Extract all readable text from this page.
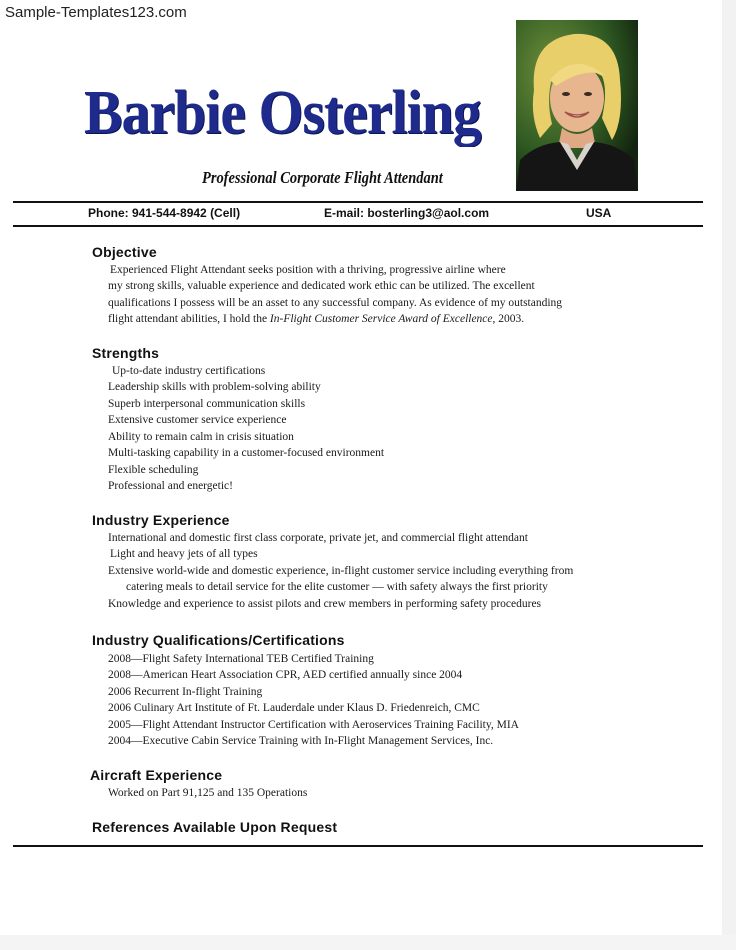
Sample-Templates123.com
Barbie Osterling
Professional Corporate Flight Attendant
Phone: 941-544-8942 (Cell)	E-mail: bosterling3@aol.com	USA
Objective
Experienced Flight Attendant seeks position with a thriving, progressive airline where
my strong skills, valuable experience and dedicated work ethic can be utilized. The excellent
qualifications I possess will be an asset to any successful company. As evidence of my outstanding
flight attendant abilities, I hold the In-Flight Customer Service Award of Excellence, 2003.
Strengths
Up-to-date industry certifications
Leadership skills with problem-solving ability
Superb interpersonal communication skills
Extensive customer service experience
Ability to remain calm in crisis situation
Multi-tasking capability in a customer-focused environment
Flexible scheduling
Professional and energetic!
Industry Experience
International and domestic first class corporate, private jet, and commercial flight attendant
Light and heavy jets of all types
Extensive world-wide and domestic experience, in-flight customer service including everything from
catering meals to detail service for the elite customer — with safety always the first priority
Knowledge and experience to assist pilots and crew members in performing safety procedures
Industry Qualifications/Certifications
2008—Flight Safety International TEB Certified Training
2008—American Heart Association CPR, AED certified annually since 2004
2006 Recurrent In-flight Training
2006 Culinary Art Institute of Ft. Lauderdale under Klaus D. Friedenreich, CMC
2005—Flight Attendant Instructor Certification with Aeroservices Training Facility, MIA
2004—Executive Cabin Service Training with In-Flight Management Services, Inc.
Aircraft Experience
Worked on Part 91,125 and 135 Operations
References Available Upon Request
